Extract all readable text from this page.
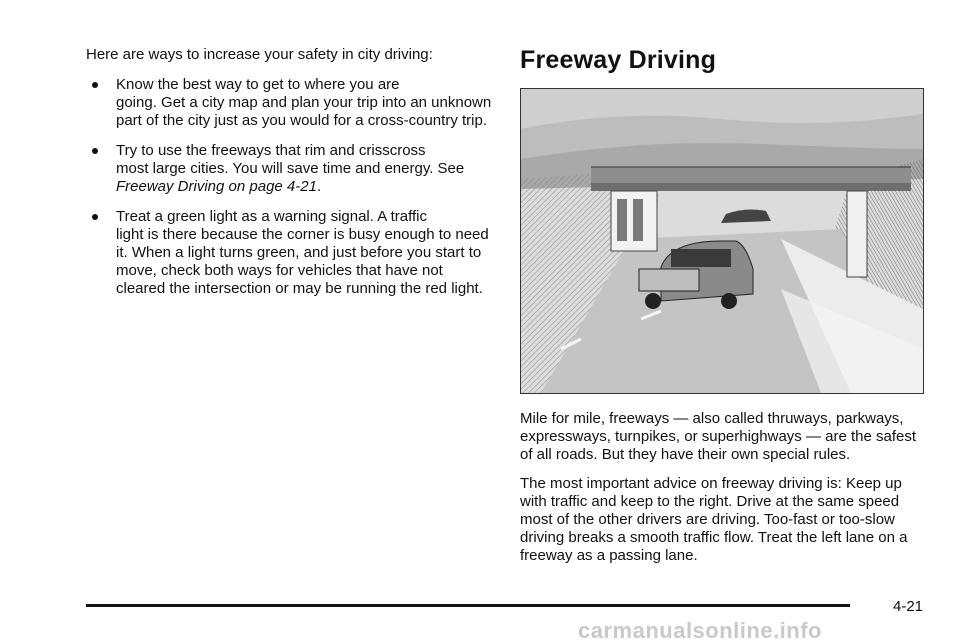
Here are ways to increase your safety in city driving:

Know the best way to get to where you are
going. Get a city map and plan your trip into an unknown part of the city just as you would for a cross-country trip.
Try to use the freeways that rim and crisscross
most large cities. You will save time and energy. See Freeway Driving on page 4-21.
Treat a green light as a warning signal. A traffic
light is there because the corner is busy enough to need it. When a light turns green, and just before you start to move, check both ways for vehicles that have not cleared the intersection or may be running the red light.
Freeway Driving

Mile for mile, freeways — also called thruways, parkways, expressways, turnpikes, or superhighways — are the safest of all roads. But they have their own special rules.

The most important advice on freeway driving is: Keep up with traffic and keep to the right. Drive at the same speed most of the other drivers are driving. Too-fast or too-slow driving breaks a smooth traffic flow. Treat the left lane on a freeway as a passing lane.

4-21
carmanualsonline.info
